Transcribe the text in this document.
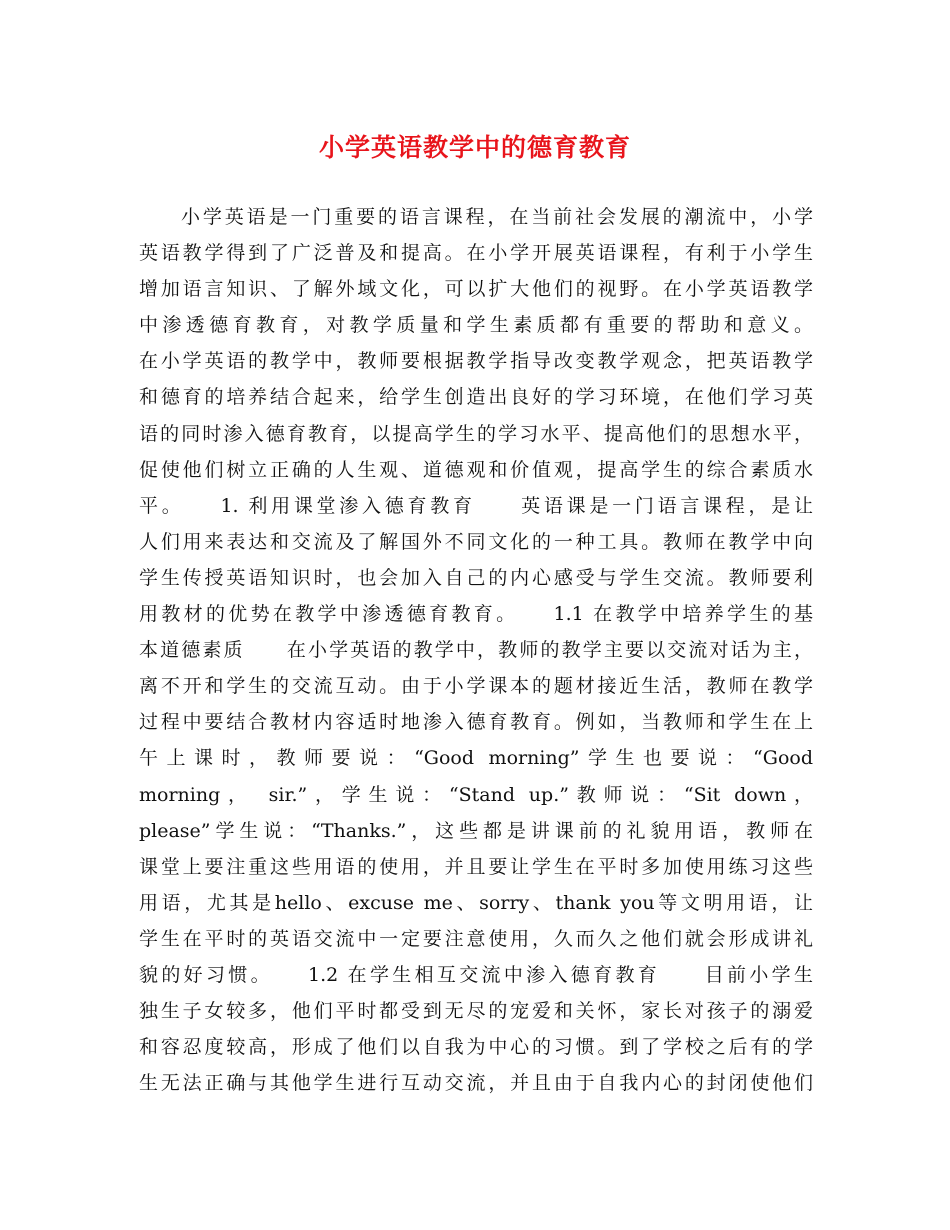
小学英语教学中的德育教育
小学英语是一门重要的语言课程，在当前社会发展的潮流中，小学
英语教学得到了广泛普及和提高。在小学开展英语课程，有利于小学生
增加语言知识、了解外域文化，可以扩大他们的视野。在小学英语教学
中渗透德育教育，对教学质量和学生素质都有重要的帮助和意义。
在小学英语的教学中，教师要根据教学指导改变教学观念，把英语教学
和德育的培养结合起来，给学生创造出良好的学习环境，在他们学习英
语的同时渗入德育教育，以提高学生的学习水平、提高他们的思想水平，
促使他们树立正确的人生观、道德观和价值观，提高学生的综合素质水
平。　　1. 利用课堂渗入德育教育　　英语课是一门语言课程，是让
人们用来表达和交流及了解国外不同文化的一种工具。教师在教学中向
学生传授英语知识时，也会加入自己的内心感受与学生交流。教师要利
用教材的优势在教学中渗透德育教育。　　1.1 在教学中培养学生的基
本道德素质　　在小学英语的教学中，教师的教学主要以交流对话为主，
离不开和学生的交流互动。由于小学课本的题材接近生活，教师在教学
过程中要结合教材内容适时地渗入德育教育。例如，当教师和学生在上
午上课时，教师要说：“Good morning”学生也要说：“Good
morning， sir.”，学生说：“Stand up.”教师说：“Sit down，
please”学生说：“Thanks.”，这些都是讲课前的礼貌用语，教师在
课堂上要注重这些用语的使用，并且要让学生在平时多加使用练习这些
用语，尤其是hello、excuse me、sorry、thank you等文明用语，让
学生在平时的英语交流中一定要注意使用，久而久之他们就会形成讲礼
貌的好习惯。　　1.2 在学生相互交流中渗入德育教育　　目前小学生
独生子女较多，他们平时都受到无尽的宠爱和关怀，家长对孩子的溺爱
和容忍度较高，形成了他们以自我为中心的习惯。到了学校之后有的学
生无法正确与其他学生进行互动交流，并且由于自我内心的封闭使他们
